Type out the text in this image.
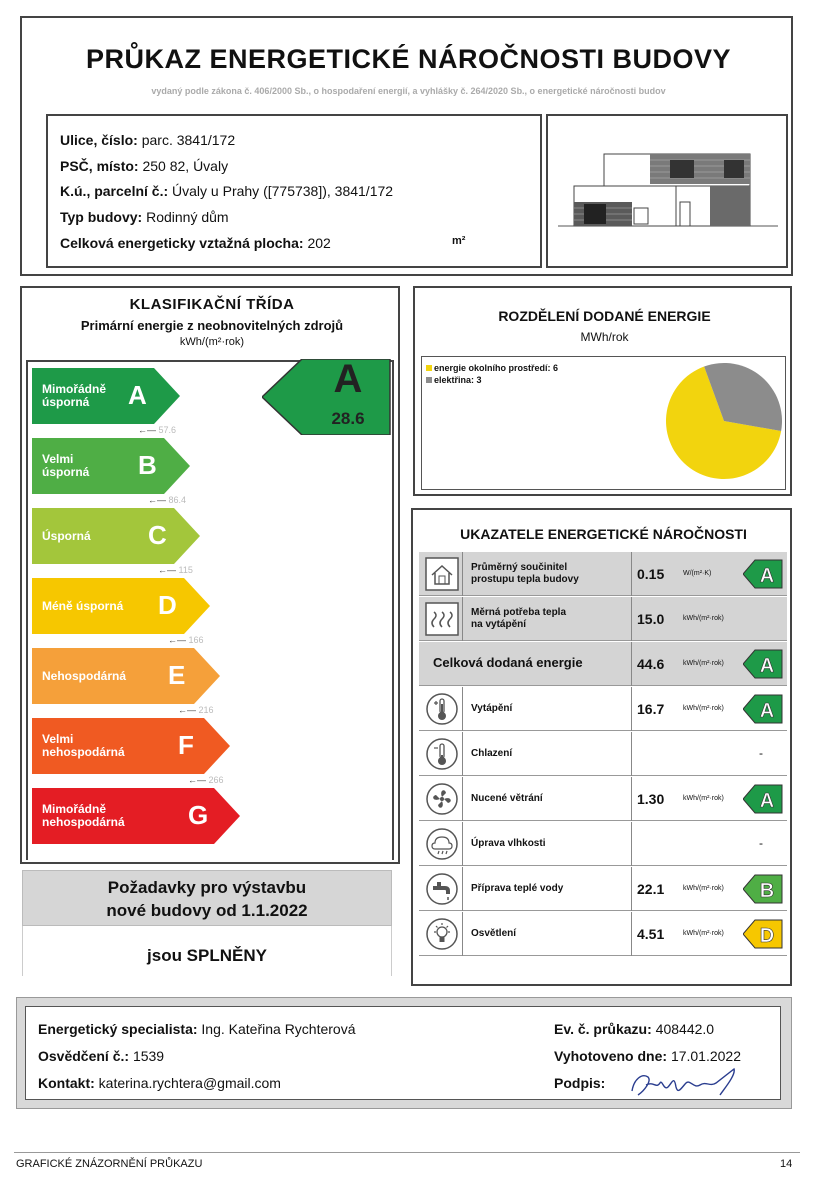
PRŮKAZ ENERGETICKÉ NÁROČNOSTI BUDOVY
vydaný podle zákona č. 406/2000 Sb., o hospodaření energií, a vyhlášky č. 264/2020 Sb., o energetické náročnosti budov
Ulice, číslo: parc. 3841/172
PSČ, místo: 250 82, Úvaly
K.ú., parcelní č.: Úvaly u Prahy ([775738]), 3841/172
Typ budovy: Rodinný dům
Celková energeticky vztažná plocha: 202	m²
KLASIFIKAČNÍ TŘÍDA
Primární energie z neobnovitelných zdrojů
kWh/(m²·rok)
Mimořádně
úsporná	A
Velmi
úsporná B
Úsporná C
Méně úsporná D
Nehospodárná E
Velmi
nehospodárná F
Mimořádně
nehospodárná G
A
28.6
Požadavky pro výstavbu
nové budovy od 1.1.2022
jsou SPLNĚNY
ROZDĚLENÍ DODANÉ ENERGIE
MWh/rok
energie okolního prostředí: 6
elektřina: 3
UKAZATELE ENERGETICKÉ NÁROČNOSTI
Průměrný součinitel
prostupu tepla budovy	0.15	W/(m²·K) A
Měrná potřeba tepla
na vytápění	15.0	kWh/(m²·rok)
Celková dodaná energie	44.6	kWh/(m²·rok) A
Vytápění	16.7	kWh/(m²·rok) A
Chlazení	-
Nucené větrání	1.30	kWh/(m²·rok) A
Úprava vlhkosti	-
Příprava teplé vody	22.1	kWh/(m²·rok) B
Osvětlení	4.51	kWh/(m²·rok) D
Energetický specialista: Ing. Kateřina Rychterová
Osvědčení č.: 1539
Kontakt: katerina.rychtera@gmail.com
Ev. č. průkazu: 408442.0
Vyhotoveno dne: 17.01.2022
Podpis:
GRAFICKÉ ZNÁZORNĚNÍ PRŮKAZU	14
←— 57.6
←— 86.4
←— 115
←— 166
←— 216
←— 266
